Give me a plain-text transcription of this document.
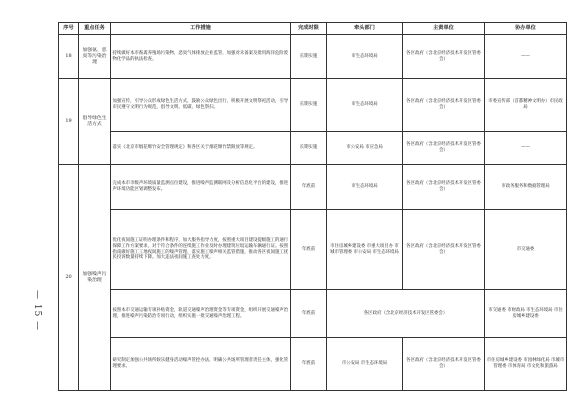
— 15 —
序号	重点任务	工作措施	完成时限	牵头部门	主责单位	协办单位
18	加强氨、恶臭等污染治理	持续做好本市畜禽养殖场污染物，恶臭气体排放企业监管，加强对未备案及批用海洋危险废物化学品的执法检查。	长期实施	市生态环境局	各区政府（含北京经济技术开发区管委会）	——
19	倡导绿色生活方式	加强宣传，引导公众形成绿色生活方式，鼓励公众绿色出行，积极开展文明祭祀活动，引导市民遵守文明行为规范，倡导文明、低碳、绿色祭扫。	长期实施	市生态环境局	各区政府（含北京经济技术开发区管委会）	市委宣传部（首都精神文明办）市民政局
		落实《北京市烟花爆竹安全管理规定》和各区关于烟花爆竹禁限放等规定。	长期实施	市公安局 市应急局	各区政府（含北京经济技术开发区管委会）	——
20	加强噪声污染治理	完成本市市级声环境质量监测点位建设，推进噪声监测联网及分析信息化平台的建设，推进声环境功能区划调整发布。	年底前	市生态环境局	各区政府（含北京经济技术开发区管委会）	市政务服务和数据管理局
		优化夜间施工证明办理条件和程序，加大服务指导力度，按照重大项目建设提级施工的通行保障工作方案要求，对于符合条件的连续施工作业及时办理建筑垃圾运输车辆通行证。按照指南做好施工工地夜间施工的噪声管理，落实施工噪声相关监管措施，推动各区夜间施工扰民投诉数量持续下降。加大违法夜间施工查处力度。	年底前	市住房城乡建设委 市重大项目办 市城市管理委 市公安局 市生态环境局	各区政府（含北京经济技术开发区管委会）	市交通委
		按照本市交通运输专项补贴资金，轨道交通噪声治理资金等专项资金，组织开展交通噪声治理，推进噪声污染防治专项行动，组织实施一批交通噪声治理工程。	年底前	各区政府（含北京经济技术开发区管委会）		市交通委 市财政局 市生态环境局 市住房城乡建设委
		研究制定加强公共场所娱乐健身活动噪声管控办法，明确公共场所管理者责任主体，强化管理要求。	年底前	市公安局 市生态环境局	各区政府（含北京经济技术开发区管委会）	市住房城乡建设委 市园林绿化局 市城市管理委 市体育局 市文化和旅游局
